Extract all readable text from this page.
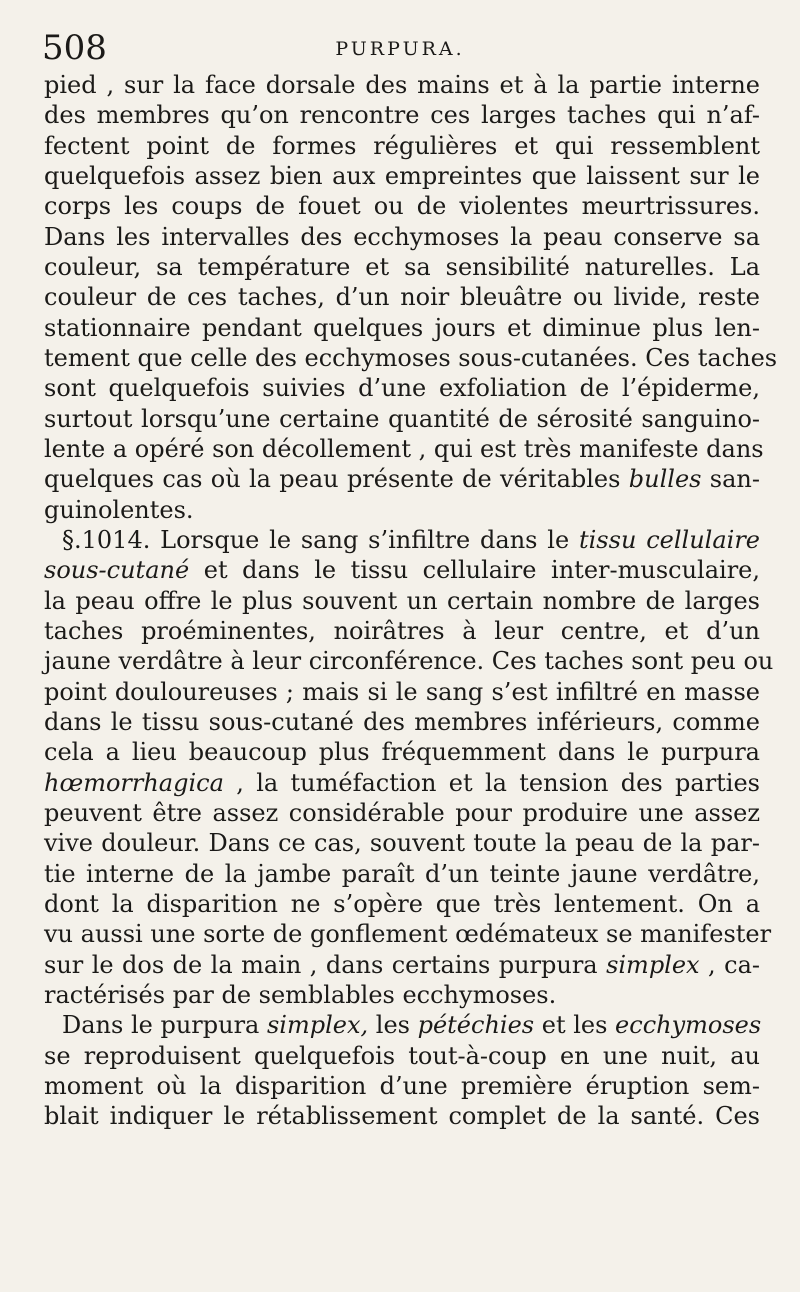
508	PURPURA.
pied , sur la face dorsale des mains et à la partie interne
des membres qu’on rencontre ces larges taches qui n’af-
fectent point de formes régulières et qui ressemblent
quelquefois assez bien aux empreintes que laissent sur le
corps les coups de fouet ou de violentes meurtrissures.
Dans les intervalles des ecchymoses la peau conserve sa
couleur, sa température et sa sensibilité naturelles. La
couleur de ces taches, d’un noir bleuâtre ou livide, reste
stationnaire pendant quelques jours et diminue plus len-
tement que celle des ecchymoses sous-cutanées. Ces taches
sont quelquefois suivies d’une exfoliation de l’épiderme,
surtout lorsqu’une certaine quantité de sérosité sanguino-
lente a opéré son décollement , qui est très manifeste dans
quelques cas où la peau présente de véritables bulles san-
guinolentes.
§.1014. Lorsque le sang s’infiltre dans le tissu cellulaire
sous-cutané et dans le tissu cellulaire inter-musculaire,
la peau offre le plus souvent un certain nombre de larges
taches proéminentes, noirâtres à leur centre, et d’un
jaune verdâtre à leur circonférence. Ces taches sont peu ou
point douloureuses ; mais si le sang s’est infiltré en masse
dans le tissu sous-cutané des membres inférieurs, comme
cela a lieu beaucoup plus fréquemment dans le purpura
hœmorrhagica , la tuméfaction et la tension des parties
peuvent être assez considérable pour produire une assez
vive douleur. Dans ce cas, souvent toute la peau de la par-
tie interne de la jambe paraît d’un teinte jaune verdâtre,
dont la disparition ne s’opère que très lentement. On a
vu aussi une sorte de gonflement œdémateux se manifester
sur le dos de la main , dans certains purpura simplex , ca-
ractérisés par de semblables ecchymoses.
Dans le purpura simplex, les pétéchies et les ecchymoses
se reproduisent quelquefois tout-à-coup en une nuit, au
moment où la disparition d’une première éruption sem-
blait indiquer le rétablissement complet de la santé. Ces
